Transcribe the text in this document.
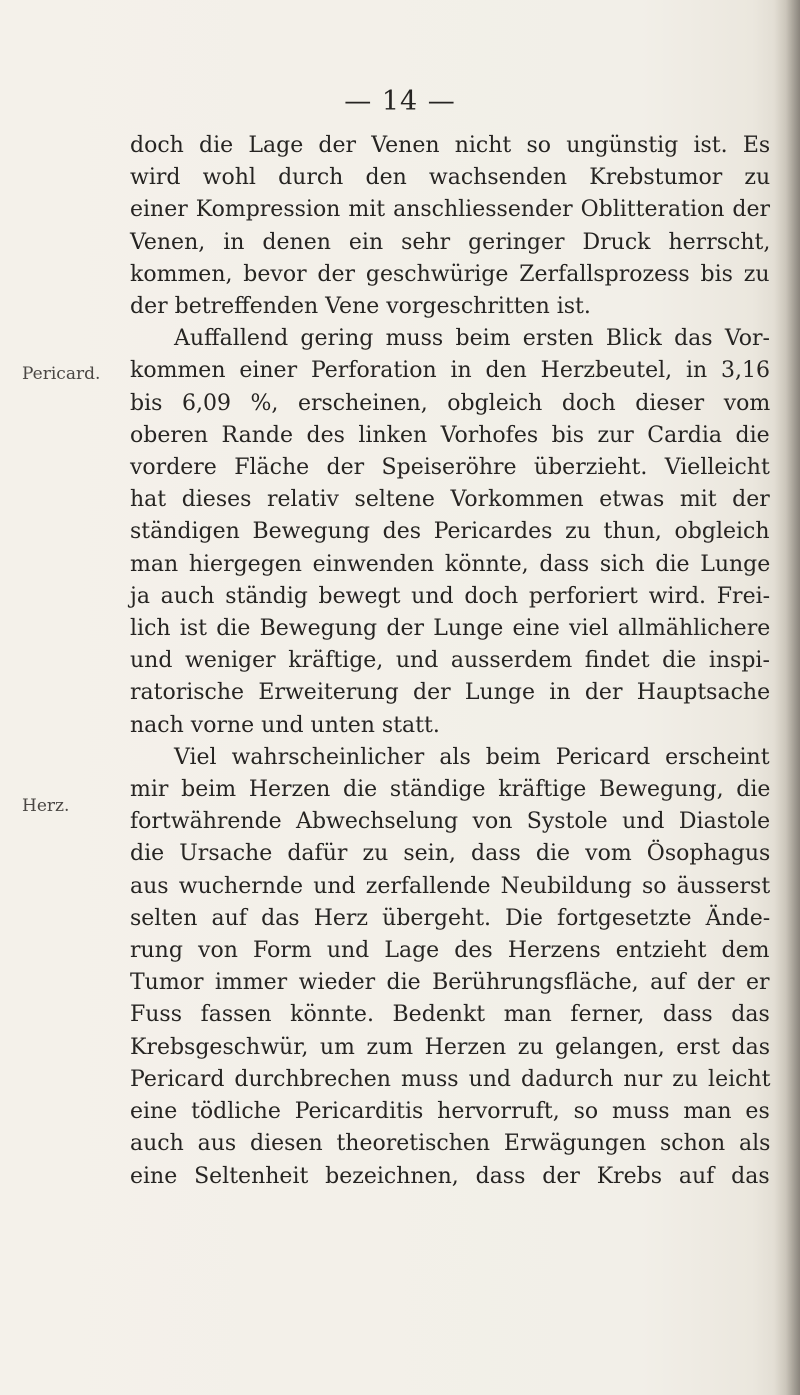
— 14 —

Pericard.

Herz.

doch die Lage der Venen nicht so ungünstig ist. Es
wird wohl durch den wachsenden Krebstumor zu
einer Kompression mit anschliessender Oblitteration der
Venen, in denen ein sehr geringer Druck herrscht,
kommen, bevor der geschwürige Zerfallsprozess bis zu
der betreffenden Vene vorgeschritten ist.
Auffallend gering muss beim ersten Blick das Vor-
kommen einer Perforation in den Herzbeutel, in 3,16
bis 6,09 %, erscheinen, obgleich doch dieser vom
oberen Rande des linken Vorhofes bis zur Cardia die
vordere Fläche der Speiseröhre überzieht. Vielleicht
hat dieses relativ seltene Vorkommen etwas mit der
ständigen Bewegung des Pericardes zu thun, obgleich
man hiergegen einwenden könnte, dass sich die Lunge
ja auch ständig bewegt und doch perforiert wird. Frei-
lich ist die Bewegung der Lunge eine viel allmählichere
und weniger kräftige, und ausserdem findet die inspi-
ratorische Erweiterung der Lunge in der Hauptsache
nach vorne und unten statt.
Viel wahrscheinlicher als beim Pericard erscheint
mir beim Herzen die ständige kräftige Bewegung, die
fortwährende Abwechselung von Systole und Diastole
die Ursache dafür zu sein, dass die vom Ösophagus
aus wuchernde und zerfallende Neubildung so äusserst
selten auf das Herz übergeht. Die fortgesetzte Ände-
rung von Form und Lage des Herzens entzieht dem
Tumor immer wieder die Berührungsfläche, auf der er
Fuss fassen könnte. Bedenkt man ferner, dass das
Krebsgeschwür, um zum Herzen zu gelangen, erst das
Pericard durchbrechen muss und dadurch nur zu leicht
eine tödliche Pericarditis hervorruft, so muss man es
auch aus diesen theoretischen Erwägungen schon als
eine Seltenheit bezeichnen, dass der Krebs auf das
